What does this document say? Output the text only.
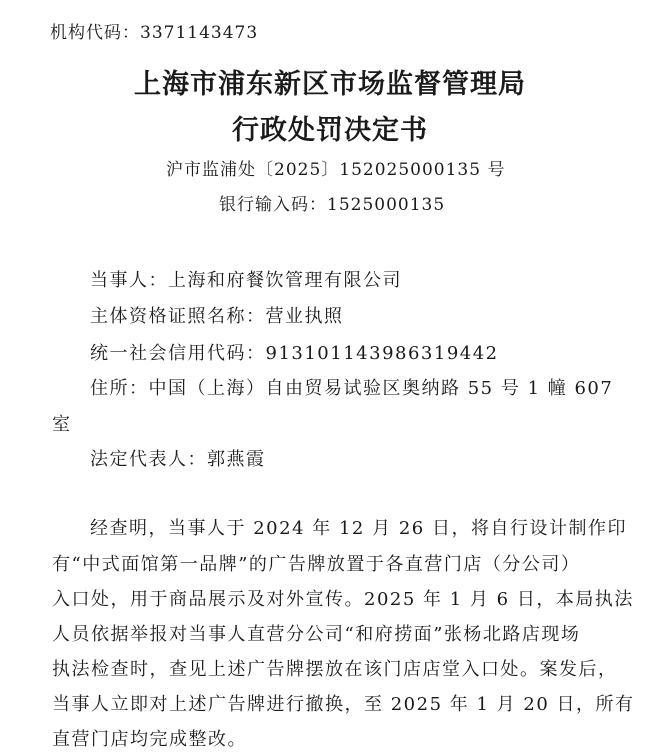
机构代码：3371143473
上海市浦东新区市场监督管理局
行政处罚决定书
沪市监浦处〔2025〕152025000135 号
银行输入码：1525000135
当事人：上海和府餐饮管理有限公司
主体资格证照名称：营业执照
统一社会信用代码：913101143986319442
住所：中国（上海）自由贸易试验区奥纳路 55 号 1 幢 607
室
法定代表人：郭燕霞
经查明，当事人于 2024 年 12 月 26 日，将自行设计制作印
有“中式面馆第一品牌”的广告牌放置于各直营门店（分公司）
入口处，用于商品展示及对外宣传。2025 年 1 月 6 日，本局执法
人员依据举报对当事人直营分公司“和府捞面”张杨北路店现场
执法检查时，查见上述广告牌摆放在该门店店堂入口处。案发后，
当事人立即对上述广告牌进行撤换，至 2025 年 1 月 20 日，所有
直营门店均完成整改。
